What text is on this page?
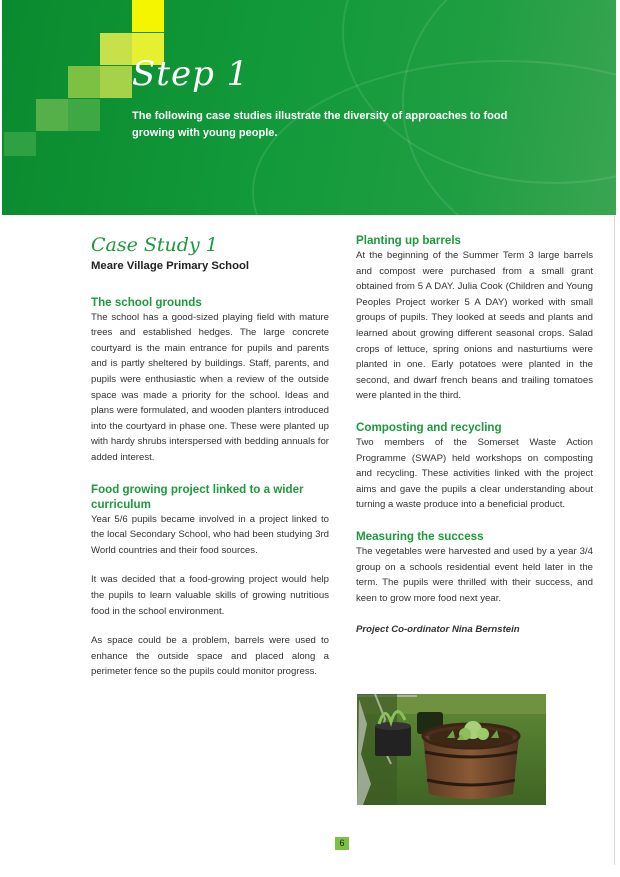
Step 1
The following case studies illustrate the diversity of approaches to food growing with young people.
Case Study 1
Meare Village Primary School
The school grounds

The school has a good-sized playing field with mature trees and established hedges. The large concrete courtyard is the main entrance for pupils and parents and is partly sheltered by buildings. Staff, parents, and pupils were enthusiastic when a review of the outside space was made a priority for the school. Ideas and plans were formulated, and wooden planters introduced into the courtyard in phase one. These were planted up with hardy shrubs interspersed with bedding annuals for added interest.

Food growing project linked to a wider curriculum

Year 5/6 pupils became involved in a project linked to the local Secondary School, who had been studying 3rd World countries and their food sources.

It was decided that a food-growing project would help the pupils to learn valuable skills of growing nutritious food in the school environment.

As space could be a problem, barrels were used to enhance the outside space and placed along a perimeter fence so the pupils could monitor progress.

Planting up barrels

At the beginning of the Summer Term 3 large barrels and compost were purchased from a small grant obtained from 5 A DAY. Julia Cook (Children and Young Peoples Project worker 5 A DAY) worked with small groups of pupils. They looked at seeds and plants and learned about growing different seasonal crops. Salad crops of lettuce, spring onions and nasturtiums were planted in one. Early potatoes were planted in the second, and dwarf french beans and trailing tomatoes were planted in the third.

Composting and recycling

Two members of the Somerset Waste Action Programme (SWAP) held workshops on composting and recycling. These activities linked with the project aims and gave the pupils a clear understanding about turning a waste produce into a beneficial product.

Measuring the success

The vegetables were harvested and used by a year 3/4 group on a schools residential event held later in the term. The pupils were thrilled with their success, and keen to grow more food next year.

Project Co-ordinator Nina Bernstein
6
